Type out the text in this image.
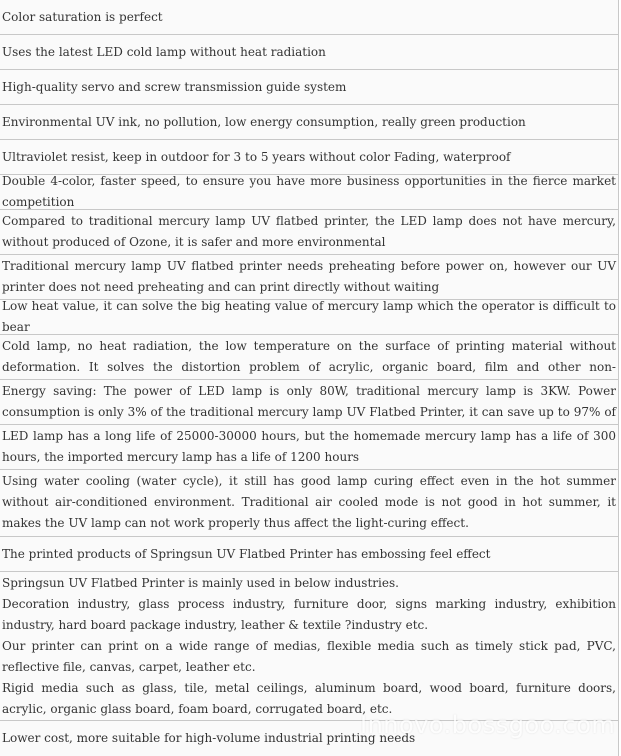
Color saturation is perfect
Uses the latest LED cold lamp without heat radiation
High-quality servo and screw transmission guide system
Environmental UV ink, no pollution, low energy consumption, really green production
Ultraviolet resist, keep in outdoor for 3 to 5 years without color Fading, waterproof
Double 4-color, faster speed, to ensure you have more business opportunities in the fierce market competition
Compared to traditional mercury lamp UV flatbed printer, the LED lamp does not have mercury, without produced of Ozone, it is safer and more environmental
Traditional mercury lamp UV flatbed printer needs preheating before power on, however our UV printer does not need preheating and can print directly without waiting
Low heat value, it can solve the big heating value of mercury lamp which the operator is difficult to bear
Cold lamp, no heat radiation, the low temperature on the surface of printing material without deformation. It solves the distortion problem of acrylic, organic board, film and other non-
Energy saving: The power of LED lamp is only 80W, traditional mercury lamp is 3KW. Power consumption is only 3% of the traditional mercury lamp UV Flatbed Printer, it can save up to 97% of
LED lamp has a long life of 25000-30000 hours, but the homemade mercury lamp has a life of 300 hours, the imported mercury lamp has a life of 1200 hours
Using water cooling (water cycle), it still has good lamp curing effect even in the hot summer without air-conditioned environment. Traditional air cooled mode is not good in hot summer, it makes the UV lamp can not work properly thus affect the light-curing effect.
The printed products of Springsun UV Flatbed Printer has embossing feel effect

Springsun UV Flatbed Printer is mainly used in below industries.

Decoration industry, glass process industry, furniture door, signs marking industry, exhibition industry, hard board package industry, leather & textile ?industry etc.

Our printer can print on a wide range of medias, flexible media such as timely stick pad, PVC, reflective file, canvas, carpet, leather etc.

Rigid media such as glass, tile, metal ceilings, aluminum board, wood board, furniture doors, acrylic, organic glass board, foam board, corrugated board, etc.

Lower cost, more suitable for high-volume industrial printing needs
Innovo.bossgoo.com
